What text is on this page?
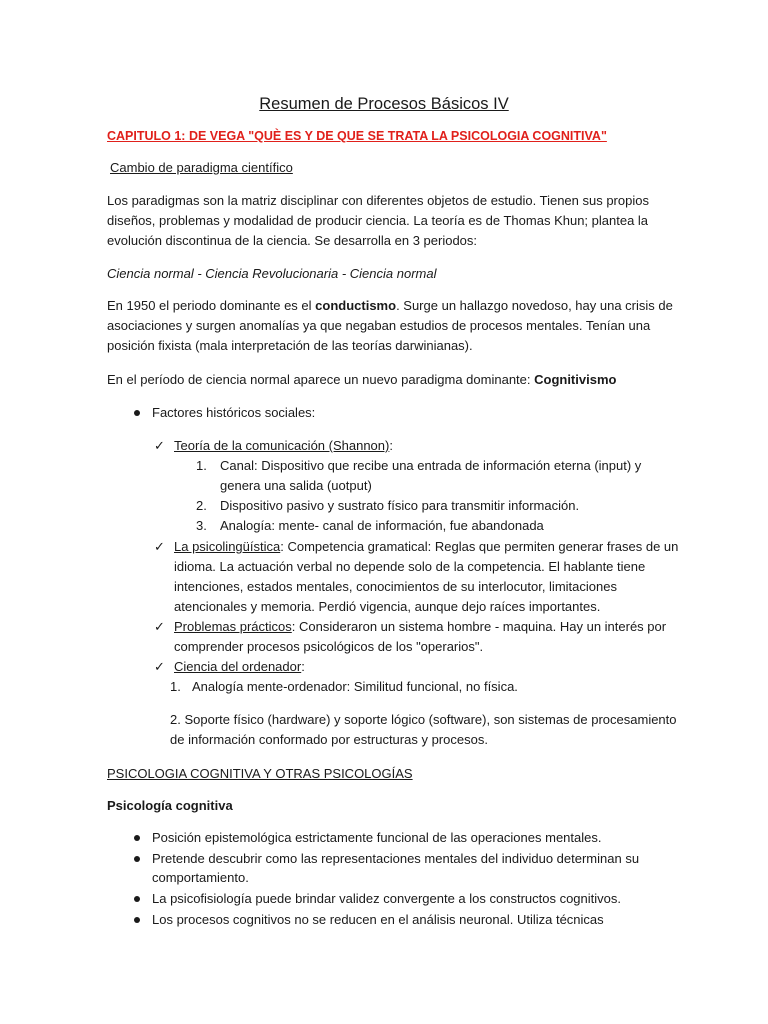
Resumen de Procesos Básicos IV
CAPITULO 1: DE VEGA "QUÈ ES Y DE QUE SE TRATA LA PSICOLOGIA COGNITIVA"
Cambio de paradigma científico
Los paradigmas son la matriz disciplinar con diferentes objetos de estudio. Tienen sus propios
diseños, problemas y modalidad de producir ciencia. La teoría es de Thomas Khun; plantea la
evolución discontinua de la ciencia. Se desarrolla en 3 periodos:
Ciencia normal - Ciencia Revolucionaria - Ciencia normal
En 1950 el periodo dominante es el conductismo. Surge un hallazgo novedoso, hay una crisis de
asociaciones y surgen anomalías ya que negaban estudios de procesos mentales. Tenían una
posición fixista (mala interpretación de las teorías darwinianas).
En el período de ciencia normal aparece un nuevo paradigma dominante: Cognitivismo
Factores históricos sociales:
✓ Teoría de la comunicación (Shannon):
1. Canal: Dispositivo que recibe una entrada de información eterna (input) y
genera una salida (uotput)
2. Dispositivo pasivo y sustrato físico para transmitir información.
3. Analogía: mente- canal de información, fue abandonada
✓ La psicolingüística: Competencia gramatical: Reglas que permiten generar frases de un
idioma. La actuación verbal no depende solo de la competencia. El hablante tiene
intenciones, estados mentales, conocimientos de su interlocutor, limitaciones
atencionales y memoria. Perdió vigencia, aunque dejo raíces importantes.
✓ Problemas prácticos: Consideraron un sistema hombre - maquina. Hay un interés por
comprender procesos psicológicos de los "operarios".
✓ Ciencia del ordenador:
1. Analogía mente-ordenador: Similitud funcional, no física.
2. Soporte físico (hardware) y soporte lógico (software), son sistemas de procesamiento
de información conformado por estructuras y procesos.
PSICOLOGIA COGNITIVA Y OTRAS PSICOLOGÍAS
Psicología cognitiva
Posición epistemológica estrictamente funcional de las operaciones mentales.
Pretende descubrir como las representaciones mentales del individuo determinan su
comportamiento.
La psicofisiología puede brindar validez convergente a los constructos cognitivos.
Los procesos cognitivos no se reducen en el análisis neuronal. Utiliza técnicas
